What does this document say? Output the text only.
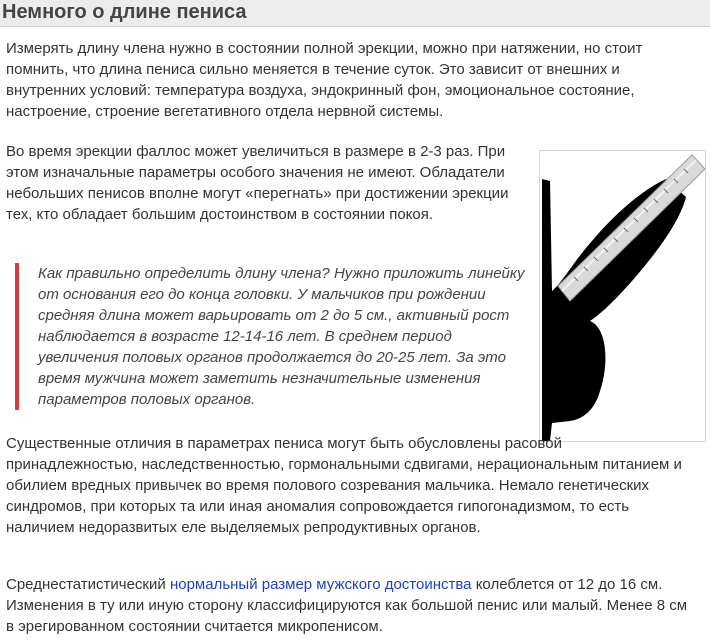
Немного о длине пениса

Измерять длину члена нужно в состоянии полной эрекции, можно при натяжении, но стоит помнить, что длина пениса сильно меняется в течение суток. Это зависит от внешних и внутренних условий: температура воздуха, эндокринный фон, эмоциональное состояние, настроение, строение вегетативного отдела нервной системы.

Во время эрекции фаллос может увеличиться в размере в 2-3 раз. При этом изначальные параметры особого значения не имеют. Обладатели небольших пенисов вполне могут «перегнать» при достижении эрекции тех, кто обладает большим достоинством в состоянии покоя.

Как правильно определить длину члена? Нужно приложить линейку от основания его до конца головки. У мальчиков при рождении средняя длина может варьировать от 2 до 5 см., активный рост наблюдается в возрасте 12-14-16 лет. В среднем период увеличения половых органов продолжается до 20-25 лет. За это время мужчина может заметить незначительные изменения параметров половых органов.

Существенные отличия в параметрах пениса могут быть обусловлены расовой принадлежностью, наследственностью, гормональными сдвигами, нерациональным питанием и обилием вредных привычек во время полового созревания мальчика. Немало генетических синдромов, при которых та или иная аномалия сопровождается гипогонадизмом, то есть наличием недоразвитых еле выделяемых репродуктивных органов.

Среднестатистический нормальный размер мужского достоинства колеблется от 12 до 16 см. Изменения в ту или иную сторону классифицируются как большой пенис или малый. Менее 8 см в эрегированном состоянии считается микропенисом.
